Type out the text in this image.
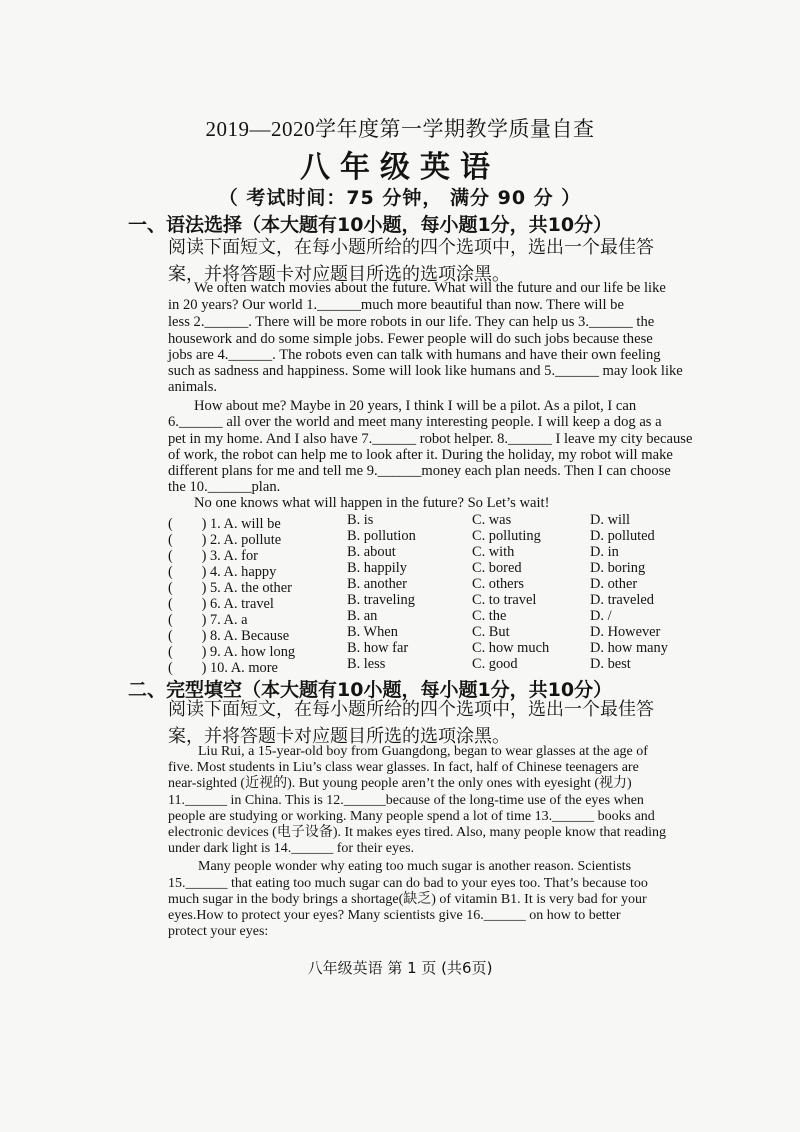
2019—2020学年度第一学期教学质量自查
八年级英语
（ 考试时间：75 分钟， 满分 90 分 ）
一、语法选择（本大题有10小题，每小题1分，共10分）
阅读下面短文，在每小题所给的四个选项中，选出一个最佳答案，并将答题卡对应题目所选的选项涂黑。
We often watch movies about the future. What will the future and our life be like
in 20 years? Our world 1.______much more beautiful than now. There will be
less 2.______. There will be more robots in our life. They can help us 3.______ the
housework and do some simple jobs. Fewer people will do such jobs because these
jobs are 4.______. The robots even can talk with humans and have their own feeling
such as sadness and happiness. Some will look like humans and 5.______ may look like
animals.
How about me? Maybe in 20 years, I think I will be a pilot. As a pilot, I can
6.______ all over the world and meet many interesting people. I will keep a dog as a
pet in my home. And I also have 7.______ robot helper. 8.______ I leave my city because
of work, the robot can help me to look after it. During the holiday, my robot will make
different plans for me and tell me 9.______money each plan needs. Then I can choose
the 10.______plan.
No one knows what will happen in the future? So Let’s wait!
(　　) 1. A. will be	B. is	C. was	D. will
(　　) 2. A. pollute	B. pollution	C. polluting	D. polluted
(　　) 3. A. for	B. about	C. with	D. in
(　　) 4. A. happy	B. happily	C. bored	D. boring
(　　) 5. A. the other	B. another	C. others	D. other
(　　) 6. A. travel	B. traveling	C. to travel	D. traveled
(　　) 7. A. a	B. an	C. the	D. /
(　　) 8. A. Because	B. When	C. But	D. However
(　　) 9. A. how long	B. how far	C. how much	D. how many
(　　) 10. A. more	B. less	C. good	D. best
二、完型填空（本大题有10小题，每小题1分，共10分）
阅读下面短文，在每小题所给的四个选项中，选出一个最佳答案，并将答题卡对应题目所选的选项涂黑。
Liu Rui, a 15-year-old boy from Guangdong, began to wear glasses at the age of
five. Most students in Liu’s class wear glasses. In fact, half of Chinese teenagers are
near-sighted (近视的). But young people aren’t the only ones with eyesight (视力)
11.______ in China. This is 12.______because of the long-time use of the eyes when
people are studying or working. Many people spend a lot of time 13.______ books and
electronic devices (电子设备). It makes eyes tired. Also, many people know that reading
under dark light is 14.______ for their eyes.
Many people wonder why eating too much sugar is another reason. Scientists
15.______ that eating too much sugar can do bad to your eyes too. That’s because too
much sugar in the body brings a shortage(缺乏) of vitamin B1. It is very bad for your
eyes.How to protect your eyes? Many scientists give 16.______ on how to better
protect your eyes:
八年级英语 第 1 页 (共6页)
